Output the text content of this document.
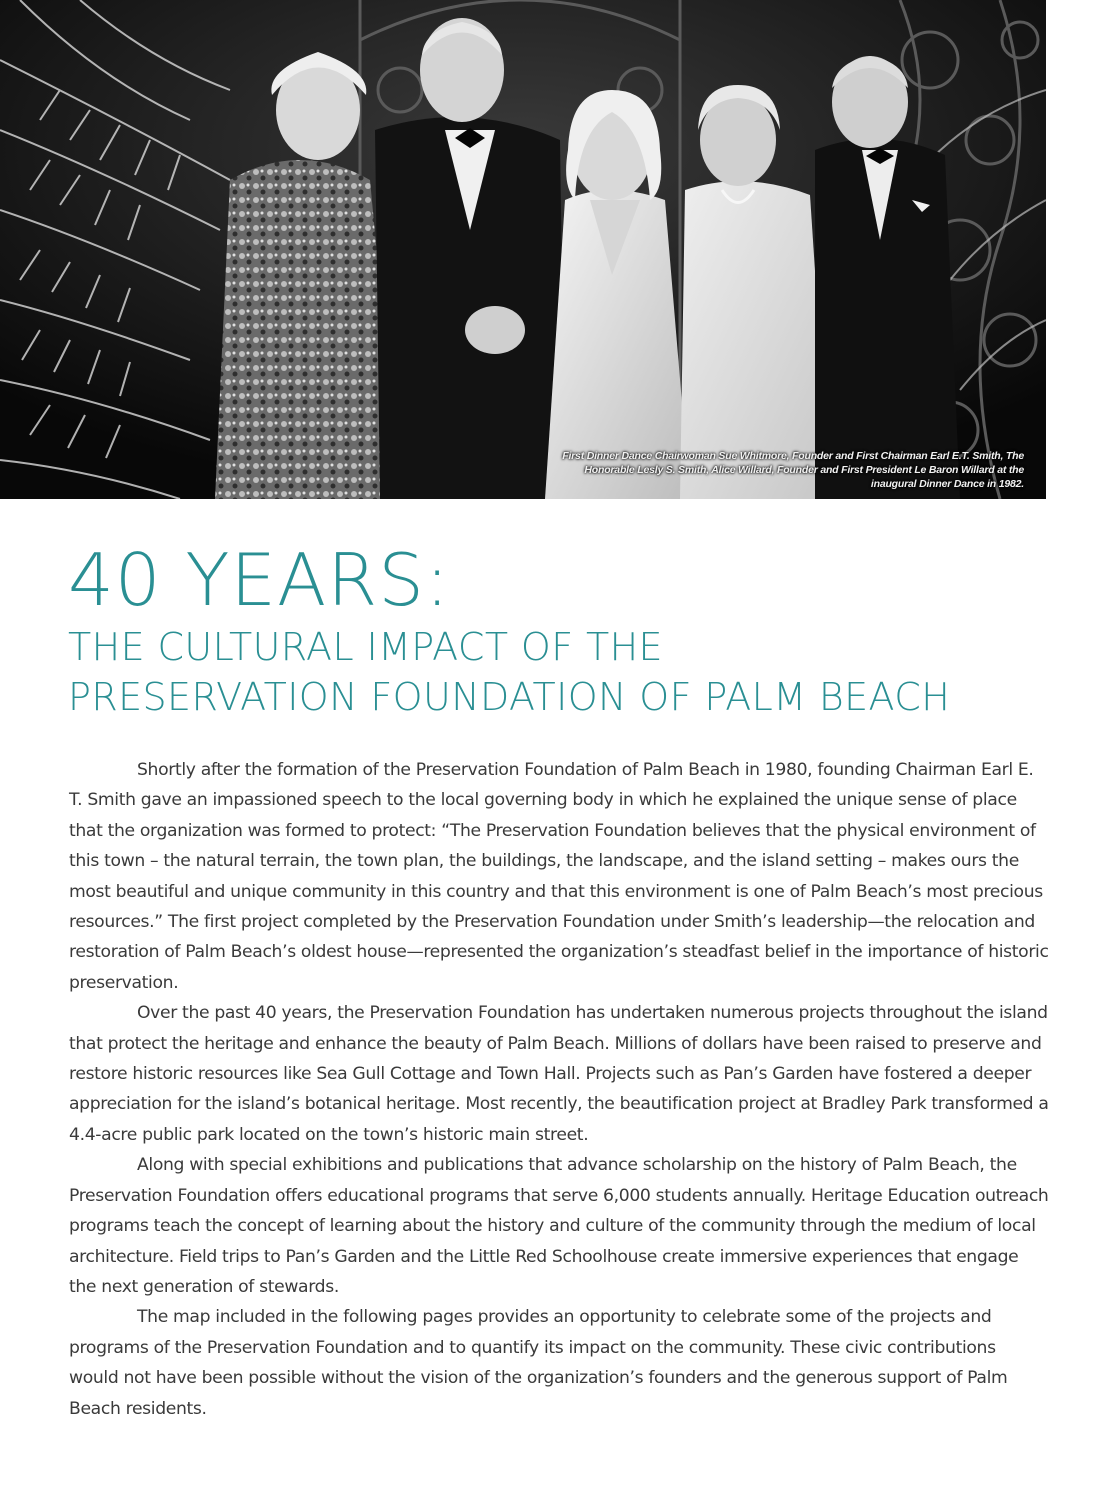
First Dinner Dance Chairwoman Sue Whitmore, Founder and First Chairman Earl E.T. Smith, The Honorable Lesly S. Smith, Alice Willard, Founder and First President Le Baron Willard at the inaugural Dinner Dance in 1982.
40 YEARS:
THE CULTURAL IMPACT OF THE
PRESERVATION FOUNDATION OF PALM BEACH

Shortly after the formation of the Preservation Foundation of Palm Beach in 1980, founding Chairman Earl E. T. Smith gave an impassioned speech to the local governing body in which he explained the unique sense of place that the organization was formed to protect: “The Preservation Foundation believes that the physical environment of this town – the natural terrain, the town plan, the buildings, the landscape, and the island setting – makes ours the most beautiful and unique community in this country and that this environment is one of Palm Beach’s most precious resources.” The first project completed by the Preservation Foundation under Smith’s leadership—the relocation and restoration of Palm Beach’s oldest house—represented the organization’s steadfast belief in the importance of historic preservation.

Over the past 40 years, the Preservation Foundation has undertaken numerous projects throughout the island that protect the heritage and enhance the beauty of Palm Beach. Millions of dollars have been raised to preserve and restore historic resources like Sea Gull Cottage and Town Hall. Projects such as Pan’s Garden have fostered a deeper appreciation for the island’s botanical heritage. Most recently, the beautification project at Bradley Park transformed a 4.4-acre public park located on the town’s historic main street.

Along with special exhibitions and publications that advance scholarship on the history of Palm Beach, the Preservation Foundation offers educational programs that serve 6,000 students annually. Heritage Education outreach programs teach the concept of learning about the history and culture of the community through the medium of local architecture. Field trips to Pan’s Garden and the Little Red Schoolhouse create immersive experiences that engage the next generation of stewards.

The map included in the following pages provides an opportunity to celebrate some of the projects and programs of the Preservation Foundation and to quantify its impact on the community. These civic contributions would not have been possible without the vision of the organization’s founders and the generous support of Palm Beach residents.
